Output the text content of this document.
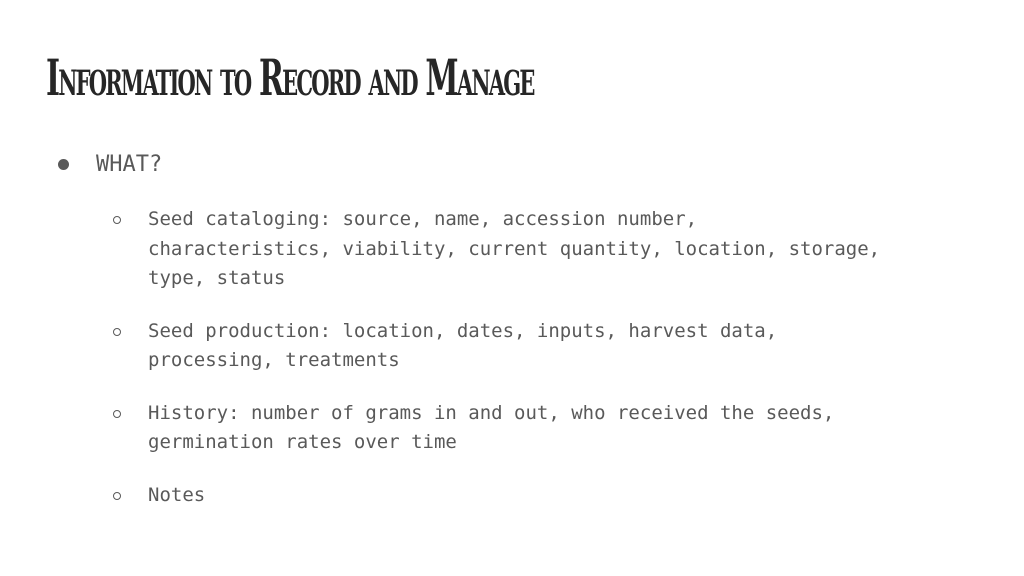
Information to Record and Manage
WHAT?
Seed cataloging: source, name, accession number,
characteristics, viability, current quantity, location, storage,
type, status
Seed production: location, dates, inputs, harvest data,
processing, treatments
History: number of grams in and out, who received the seeds,
germination rates over time
Notes
